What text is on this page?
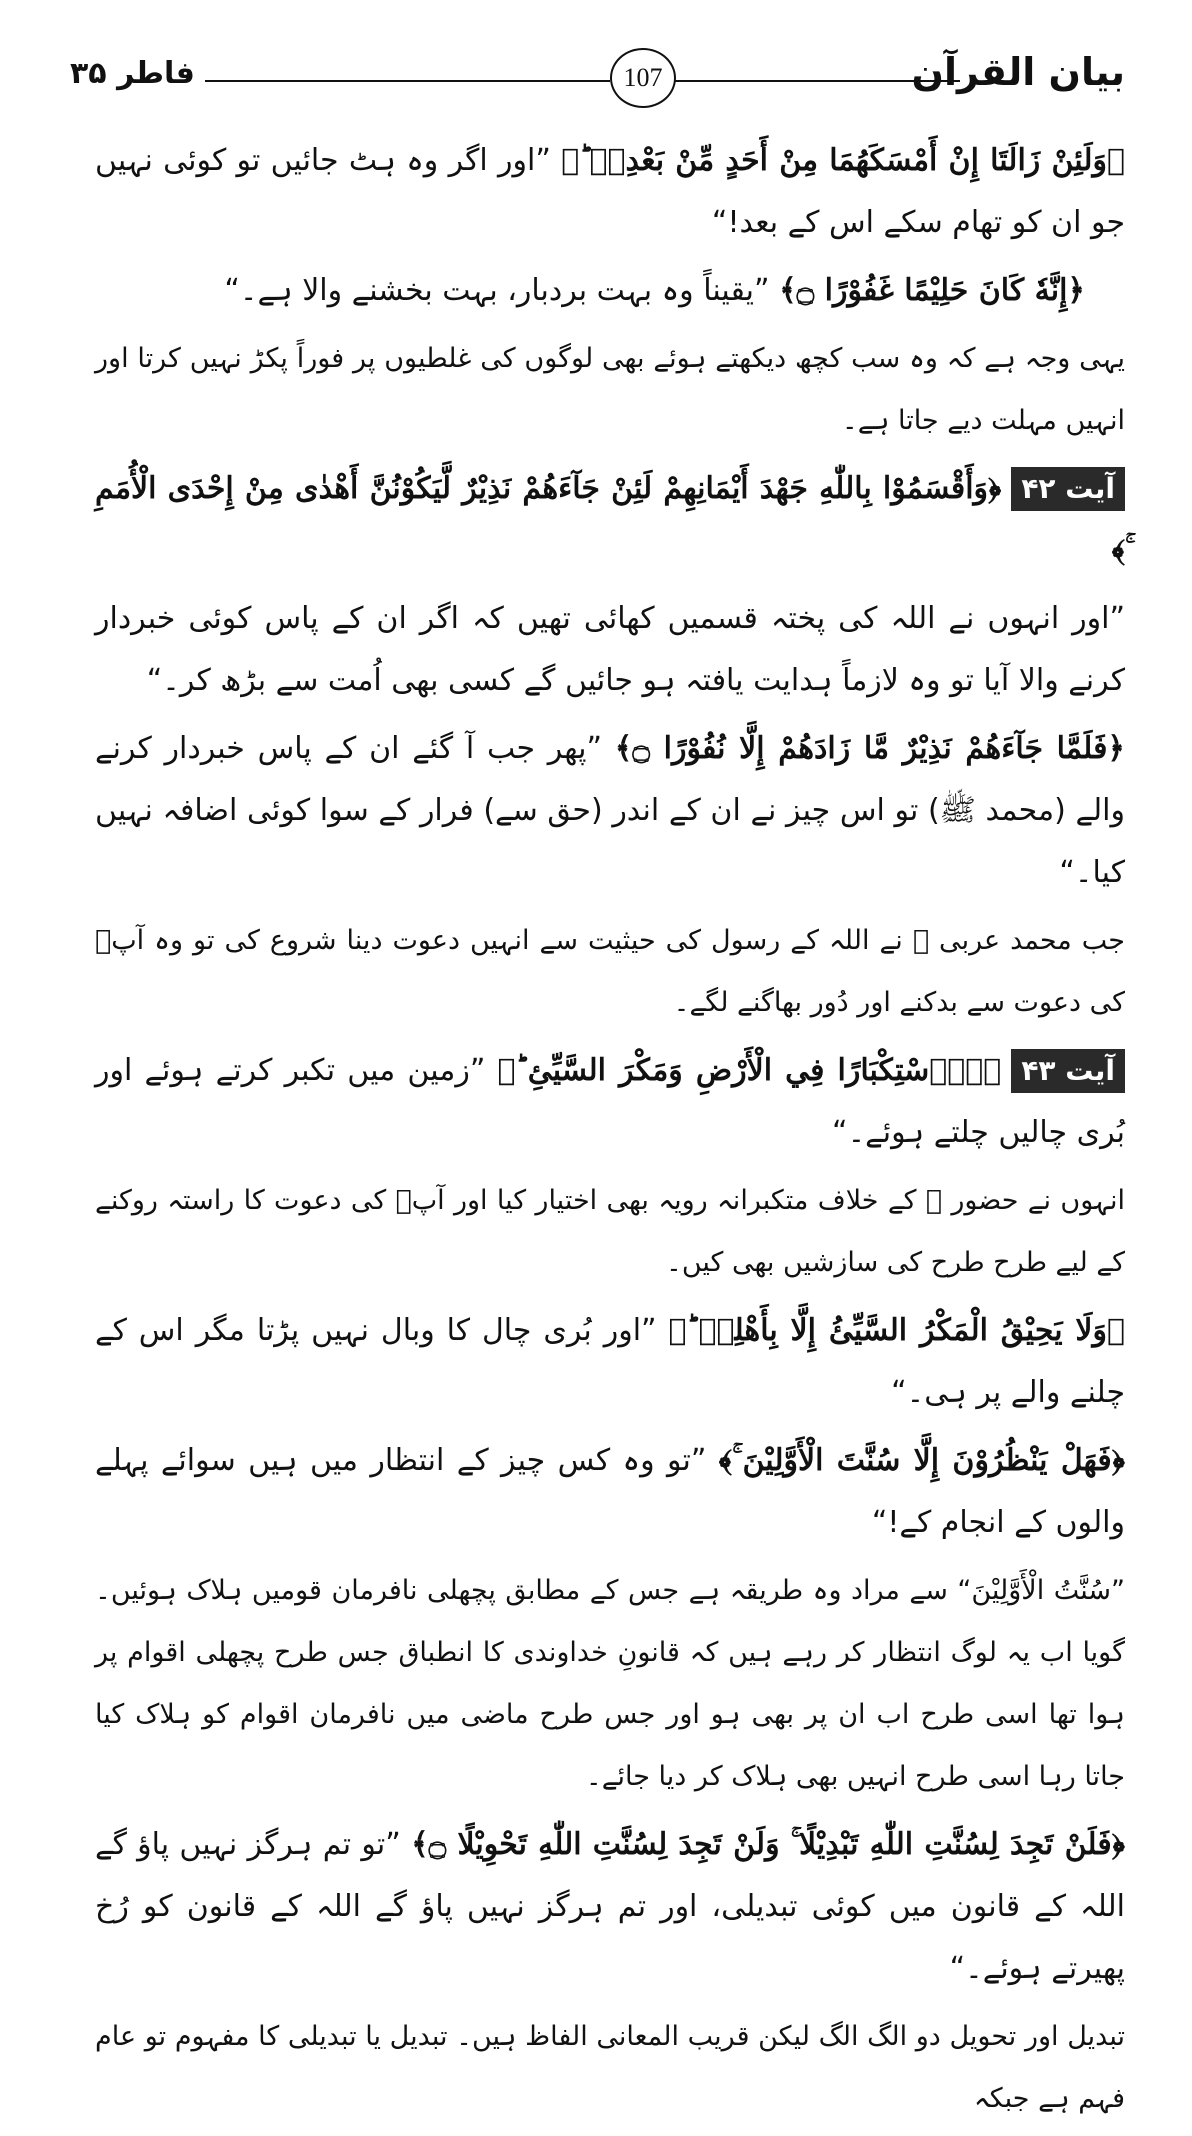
بیان القرآن
107
فاطر ۳۵

﴿وَلَئِنْ زَالَتَا إِنْ أَمْسَكَهُمَا مِنْ أَحَدٍ مِّنْ بَعْدِهٖ ؕ﴾ ”اور اگر وہ ہٹ جائیں تو کوئی نہیں جو ان کو تھام سکے اس کے بعد!“

﴿إِنَّهٗ كَانَ حَلِيْمًا غَفُوْرًا ۝﴾ ”یقیناً وہ بہت بردبار، بہت بخشنے والا ہے۔“

یہی وجہ ہے کہ وہ سب کچھ دیکھتے ہوئے بھی لوگوں کی غلطیوں پر فوراً پکڑ نہیں کرتا اور انہیں مہلت دیے جاتا ہے۔

آیت ۴۲﴿وَأَقْسَمُوْا بِاللّٰهِ جَهْدَ أَيْمَانِهِمْ لَئِنْ جَآءَهُمْ نَذِيْرٌ لَّيَكُوْنُنَّ أَهْدٰى مِنْ إِحْدَى الْأُمَمِ ۚ﴾

”اور انہوں نے اللہ کی پختہ قسمیں کھائی تھیں کہ اگر ان کے پاس کوئی خبردار کرنے والا آیا تو وہ لازماً ہدایت یافتہ ہو جائیں گے کسی بھی اُمت سے بڑھ کر۔“

﴿فَلَمَّا جَآءَهُمْ نَذِيْرٌ مَّا زَادَهُمْ إِلَّا نُفُوْرًا ۝﴾ ”پھر جب آ گئے ان کے پاس خبردار کرنے والے (محمد ﷺ) تو اس چیز نے ان کے اندر (حق سے) فرار کے سوا کوئی اضافہ نہیں کیا۔“

جب محمد عربی ﷺ نے اللہ کے رسول کی حیثیت سے انہیں دعوت دینا شروع کی تو وہ آپؐ کی دعوت سے بدکنے اور دُور بھاگنے لگے۔

آیت ۴۳﴿اِۨسْتِكْبَارًا فِي الْأَرْضِ وَمَكْرَ السَّيِّئِ ؕ﴾ ”زمین میں تکبر کرتے ہوئے اور بُری چالیں چلتے ہوئے۔“

انہوں نے حضور ﷺ کے خلاف متکبرانہ رویہ بھی اختیار کیا اور آپؐ کی دعوت کا راستہ روکنے کے لیے طرح طرح کی سازشیں بھی کیں۔

﴿وَلَا يَحِيْقُ الْمَكْرُ السَّيِّئُ إِلَّا بِأَهْلِهٖ ؕ﴾ ”اور بُری چال کا وبال نہیں پڑتا مگر اس کے چلنے والے پر ہی۔“

﴿فَهَلْ يَنْظُرُوْنَ إِلَّا سُنَّتَ الْأَوَّلِيْنَ ۚ﴾ ”تو وہ کس چیز کے انتظار میں ہیں سوائے پہلے والوں کے انجام کے!“

”سُنَّتُ الْأَوَّلِيْنَ“ سے مراد وہ طریقہ ہے جس کے مطابق پچھلی نافرمان قومیں ہلاک ہوئیں۔ گویا اب یہ لوگ انتظار کر رہے ہیں کہ قانونِ خداوندی کا انطباق جس طرح پچھلی اقوام پر ہوا تھا اسی طرح اب ان پر بھی ہو اور جس طرح ماضی میں نافرمان اقوام کو ہلاک کیا جاتا رہا اسی طرح انہیں بھی ہلاک کر دیا جائے۔

﴿فَلَنْ تَجِدَ لِسُنَّتِ اللّٰهِ تَبْدِيْلًا ۚ وَلَنْ تَجِدَ لِسُنَّتِ اللّٰهِ تَحْوِيْلًا ۝﴾ ”تو تم ہرگز نہیں پاؤ گے اللہ کے قانون میں کوئی تبدیلی، اور تم ہرگز نہیں پاؤ گے اللہ کے قانون کو رُخ پھیرتے ہوئے۔“

تبدیل اور تحویل دو الگ الگ لیکن قریب المعانی الفاظ ہیں۔ تبدیل یا تبدیلی کا مفہوم تو عام فہم ہے جبکہ
